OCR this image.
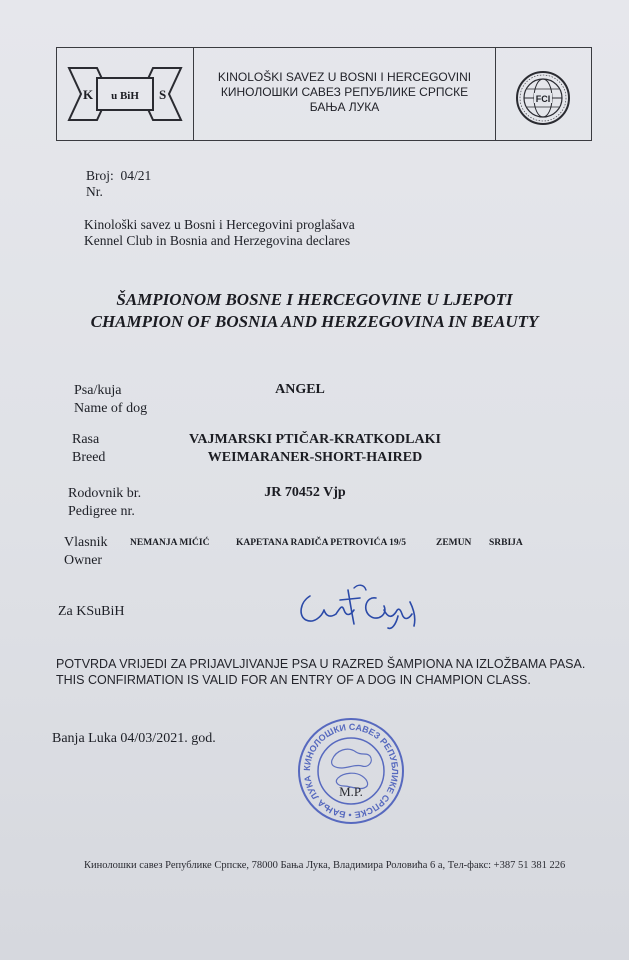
K u BiH S
KINOLOŠKI SAVEZ U BOSNI I HERCEGOVINI
КИНОЛОШКИ САВЕЗ РЕПУБЛИКЕ СРПСКЕ
БАЊА ЛУКА
FCI
Broj: 04/21
Nr.
Kinološki savez u Bosni i Hercegovini proglašava
Kennel Club in Bosnia and Herzegovina declares
ŠAMPIONOM BOSNE I HERCEGOVINE U LJEPOTI
CHAMPION OF BOSNIA AND HERZEGOVINA IN BEAUTY
Psa/kuja
Name of dog
ANGEL
Rasa
Breed
VAJMARSKI PTIČAR-KRATKODLAKI
WEIMARANER-SHORT-HAIRED
Rodovnik br.
Pedigree nr.
JR 70452 Vjp
Vlasnik
Owner
NEMANJA MIĆIĆ	KAPETANA RADIČA PETROVIĆA 19/5	ZEMUN SRBIJA
Za KSuBiH
POTVRDA VRIJEDI ZA PRIJAVLJIVANJE PSA U RAZRED ŠAMPIONA NA IZLOŽBAMA PASA.
THIS CONFIRMATION IS VALID FOR AN ENTRY OF A DOG IN CHAMPION CLASS.
Banja Luka 04/03/2021. god.
КИНОЛОШКИ САВЕЗ РЕПУБЛИКЕ СРПСКЕ • БАЊА ЛУКА
M.P.
Кинолошки савез Републике Српске, 78000 Бања Лука, Владимира Роловића 6 а, Тел-факс: +387 51 381 226
